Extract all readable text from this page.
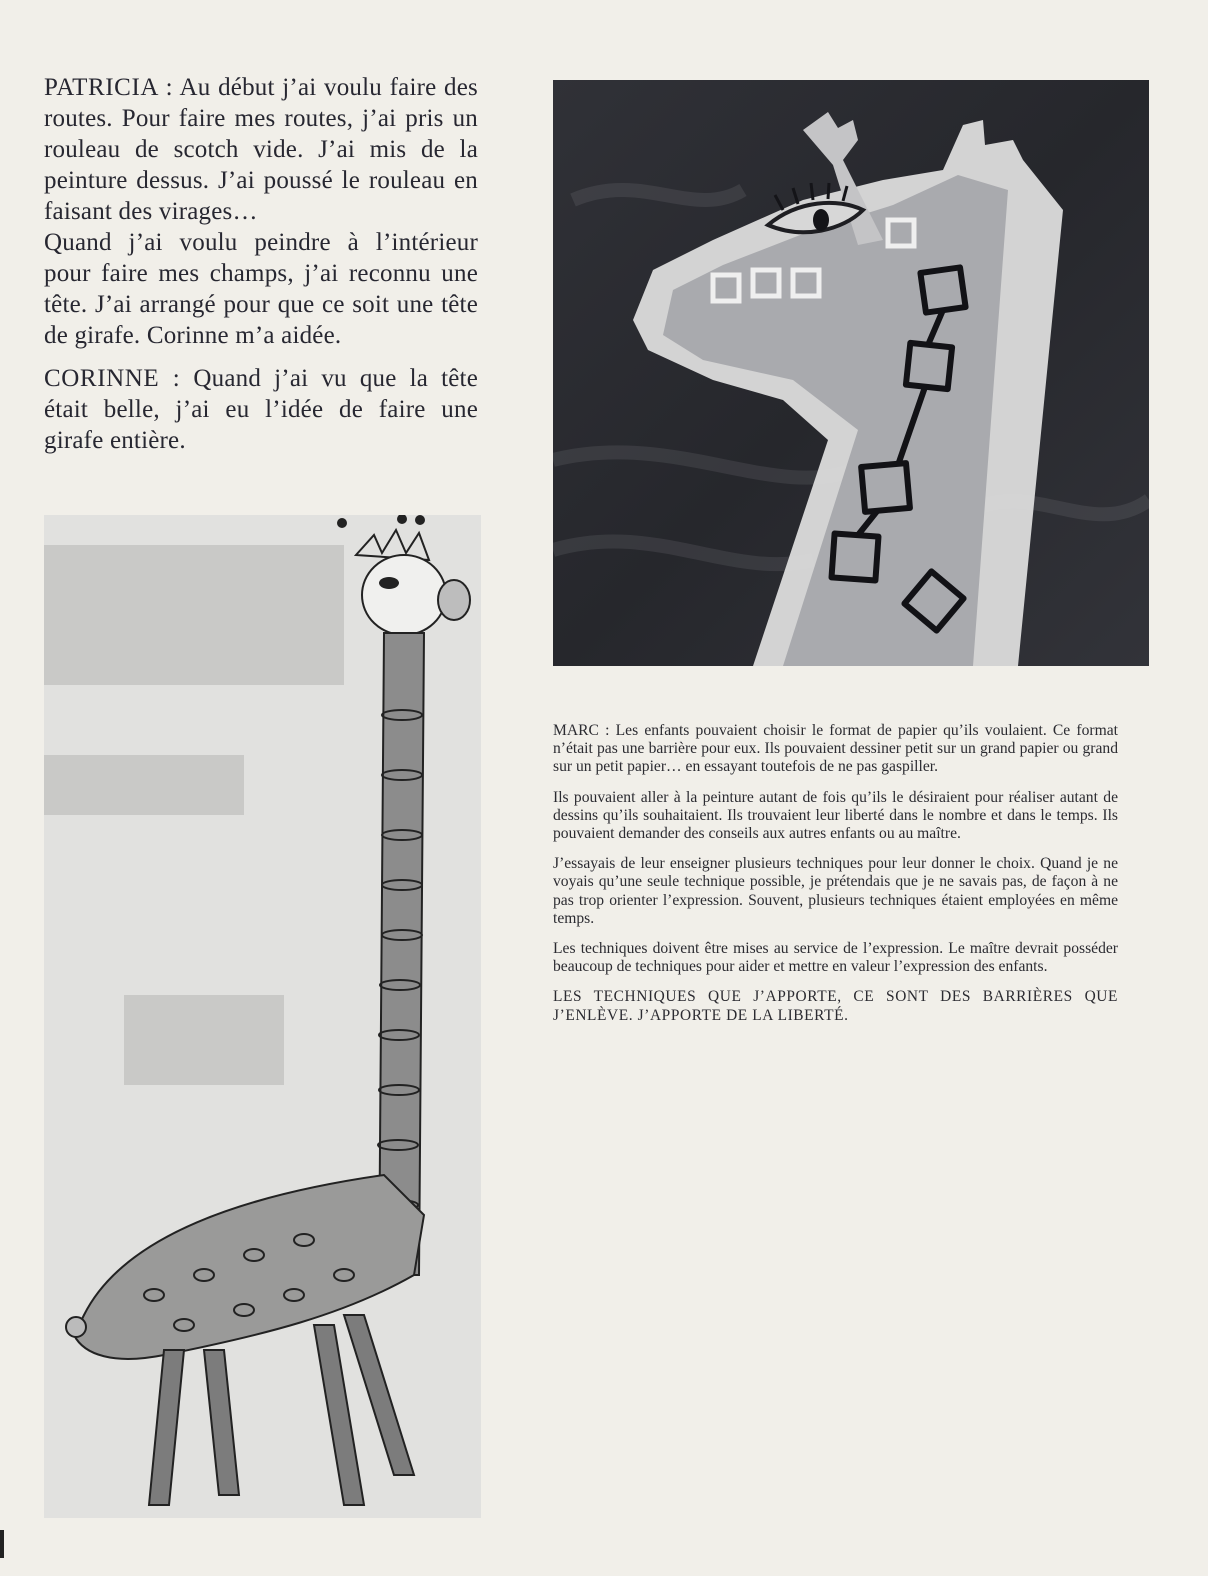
PATRICIA : Au début j’ai voulu faire des routes. Pour faire mes routes, j’ai pris un rouleau de scotch vide. J’ai mis de la peinture dessus. J’ai poussé le rouleau en faisant des virages…
Quand j’ai voulu peindre à l’intérieur pour faire mes champs, j’ai reconnu une tête. J’ai arrangé pour que ce soit une tête de girafe. Corinne m’a aidée.

CORINNE : Quand j’ai vu que la tête était belle, j’ai eu l’idée de faire une girafe entière.

MARC : Les enfants pouvaient choisir le format de papier qu’ils voulaient. Ce format n’était pas une barrière pour eux. Ils pouvaient dessiner petit sur un grand papier ou grand sur un petit papier… en essayant toutefois de ne pas gaspiller.

Ils pouvaient aller à la peinture autant de fois qu’ils le désiraient pour réaliser autant de dessins qu’ils souhaitaient. Ils trouvaient leur liberté dans le nombre et dans le temps. Ils pouvaient demander des conseils aux autres enfants ou au maître.

J’essayais de leur enseigner plusieurs techniques pour leur donner le choix. Quand je ne voyais qu’une seule technique possible, je prétendais que je ne savais pas, de façon à ne pas trop orienter l’expression. Souvent, plusieurs techniques étaient employées en même temps.

Les techniques doivent être mises au service de l’expression. Le maître devrait posséder beaucoup de techniques pour aider et mettre en valeur l’expression des enfants.

LES TECHNIQUES QUE J’APPORTE, CE SONT DES BARRIÈRES QUE J’ENLÈVE. J’APPORTE DE LA LIBERTÉ.
